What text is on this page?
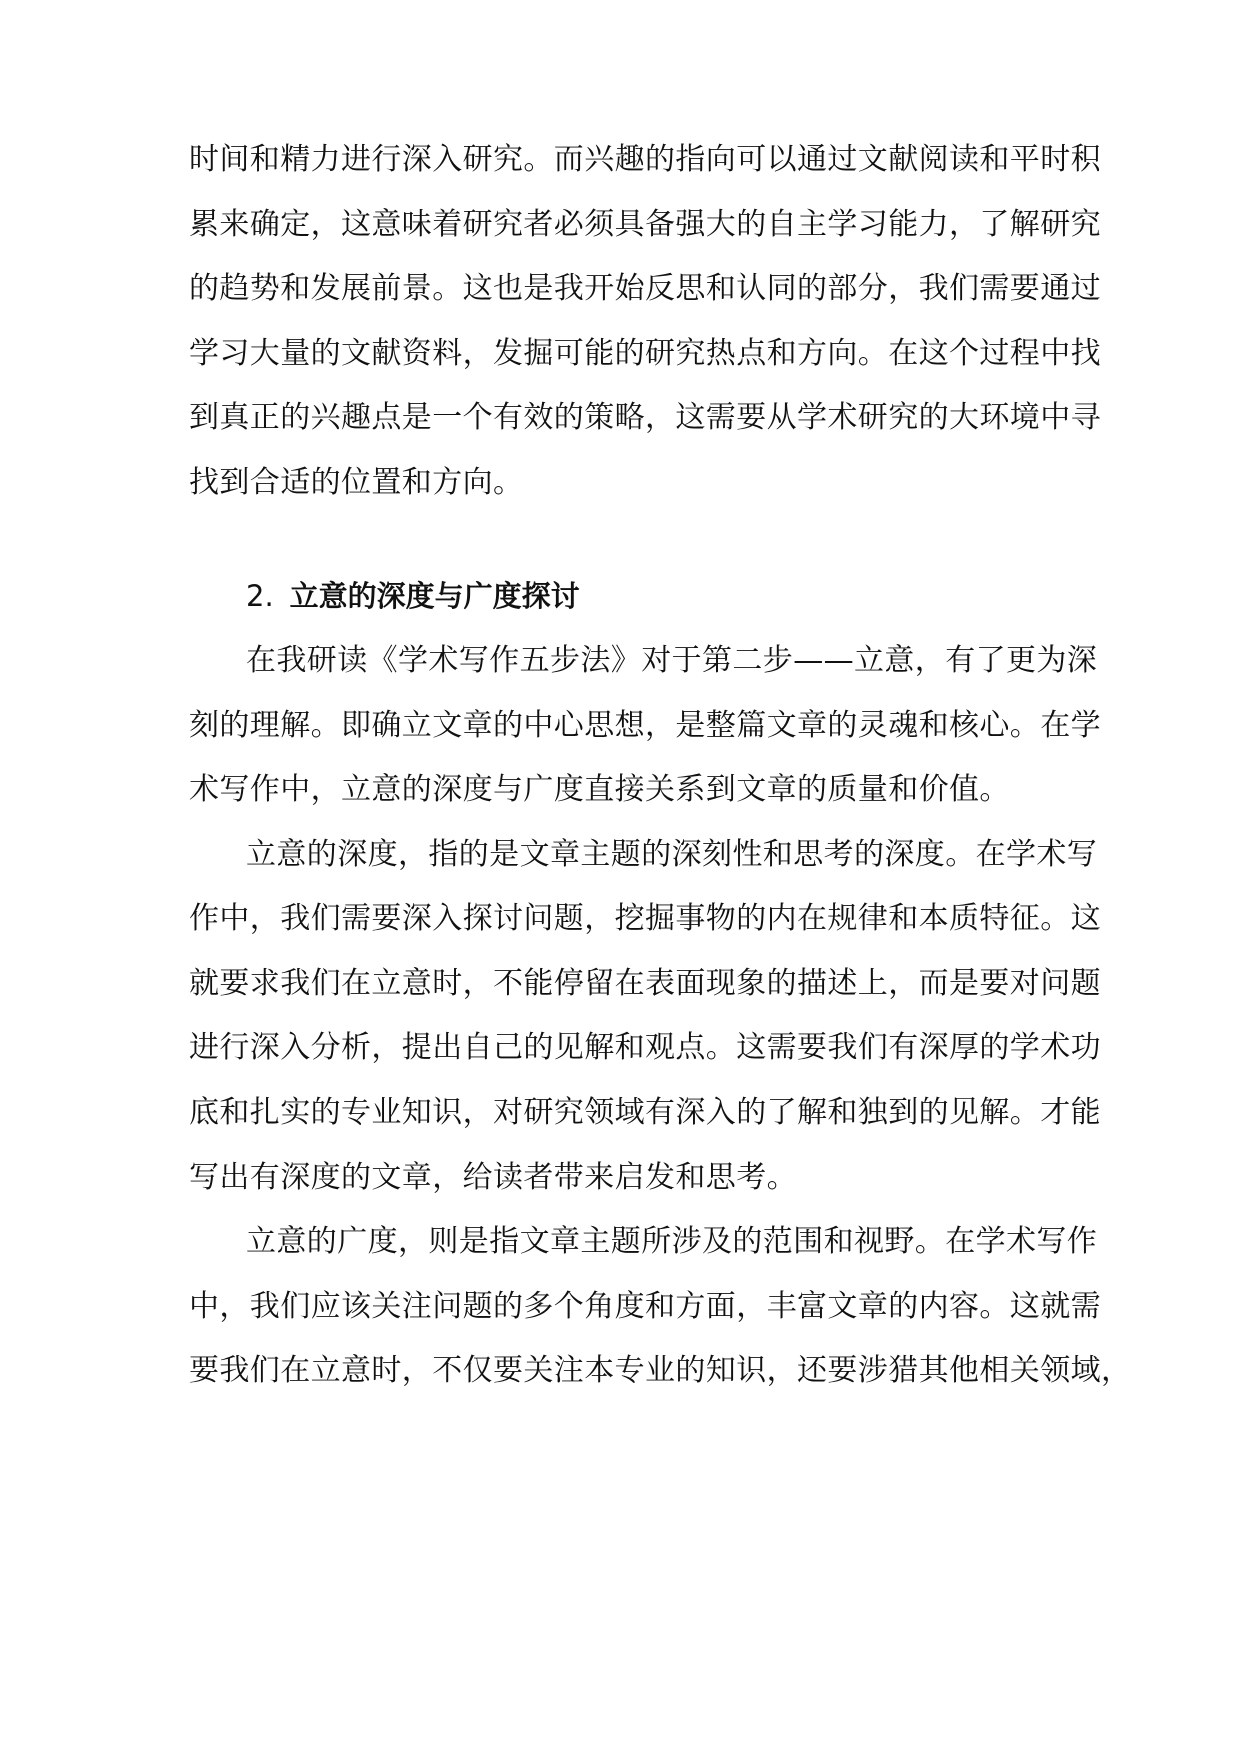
时间和精力进行深入研究。而兴趣的指向可以通过文献阅读和平时积
累来确定，这意味着研究者必须具备强大的自主学习能力，了解研究
的趋势和发展前景。这也是我开始反思和认同的部分，我们需要通过
学习大量的文献资料，发掘可能的研究热点和方向。在这个过程中找
到真正的兴趣点是一个有效的策略，这需要从学术研究的大环境中寻
找到合适的位置和方向。
2. 立意的深度与广度探讨
在我研读《学术写作五步法》对于第二步——立意，有了更为深
刻的理解。即确立文章的中心思想，是整篇文章的灵魂和核心。在学
术写作中，立意的深度与广度直接关系到文章的质量和价值。
立意的深度，指的是文章主题的深刻性和思考的深度。在学术写
作中，我们需要深入探讨问题，挖掘事物的内在规律和本质特征。这
就要求我们在立意时，不能停留在表面现象的描述上，而是要对问题
进行深入分析，提出自己的见解和观点。这需要我们有深厚的学术功
底和扎实的专业知识，对研究领域有深入的了解和独到的见解。才能
写出有深度的文章，给读者带来启发和思考。
立意的广度，则是指文章主题所涉及的范围和视野。在学术写作
中，我们应该关注问题的多个角度和方面，丰富文章的内容。这就需
要我们在立意时，不仅要关注本专业的知识，还要涉猎其他相关领域，
